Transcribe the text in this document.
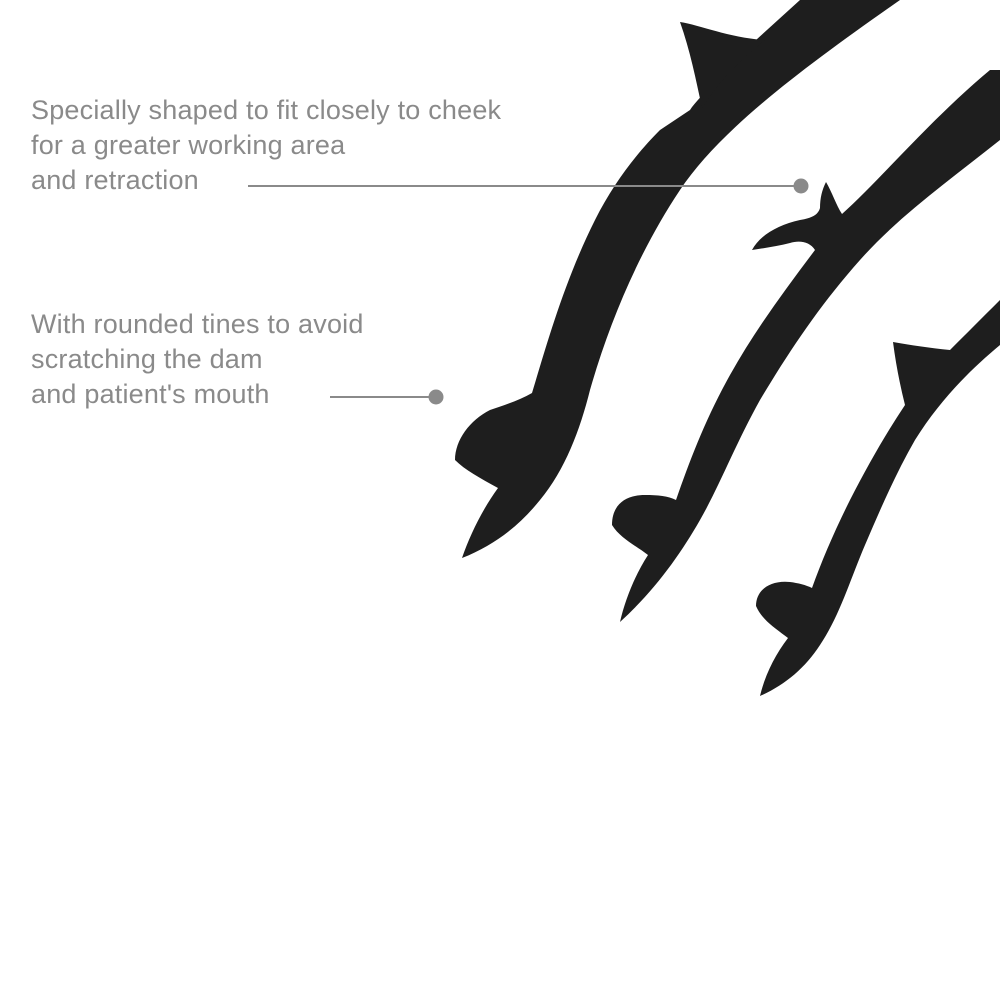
Specially shaped to fit closely to cheek
for a greater working area
and retraction
With rounded tines to avoid
scratching the dam
and patient's mouth
